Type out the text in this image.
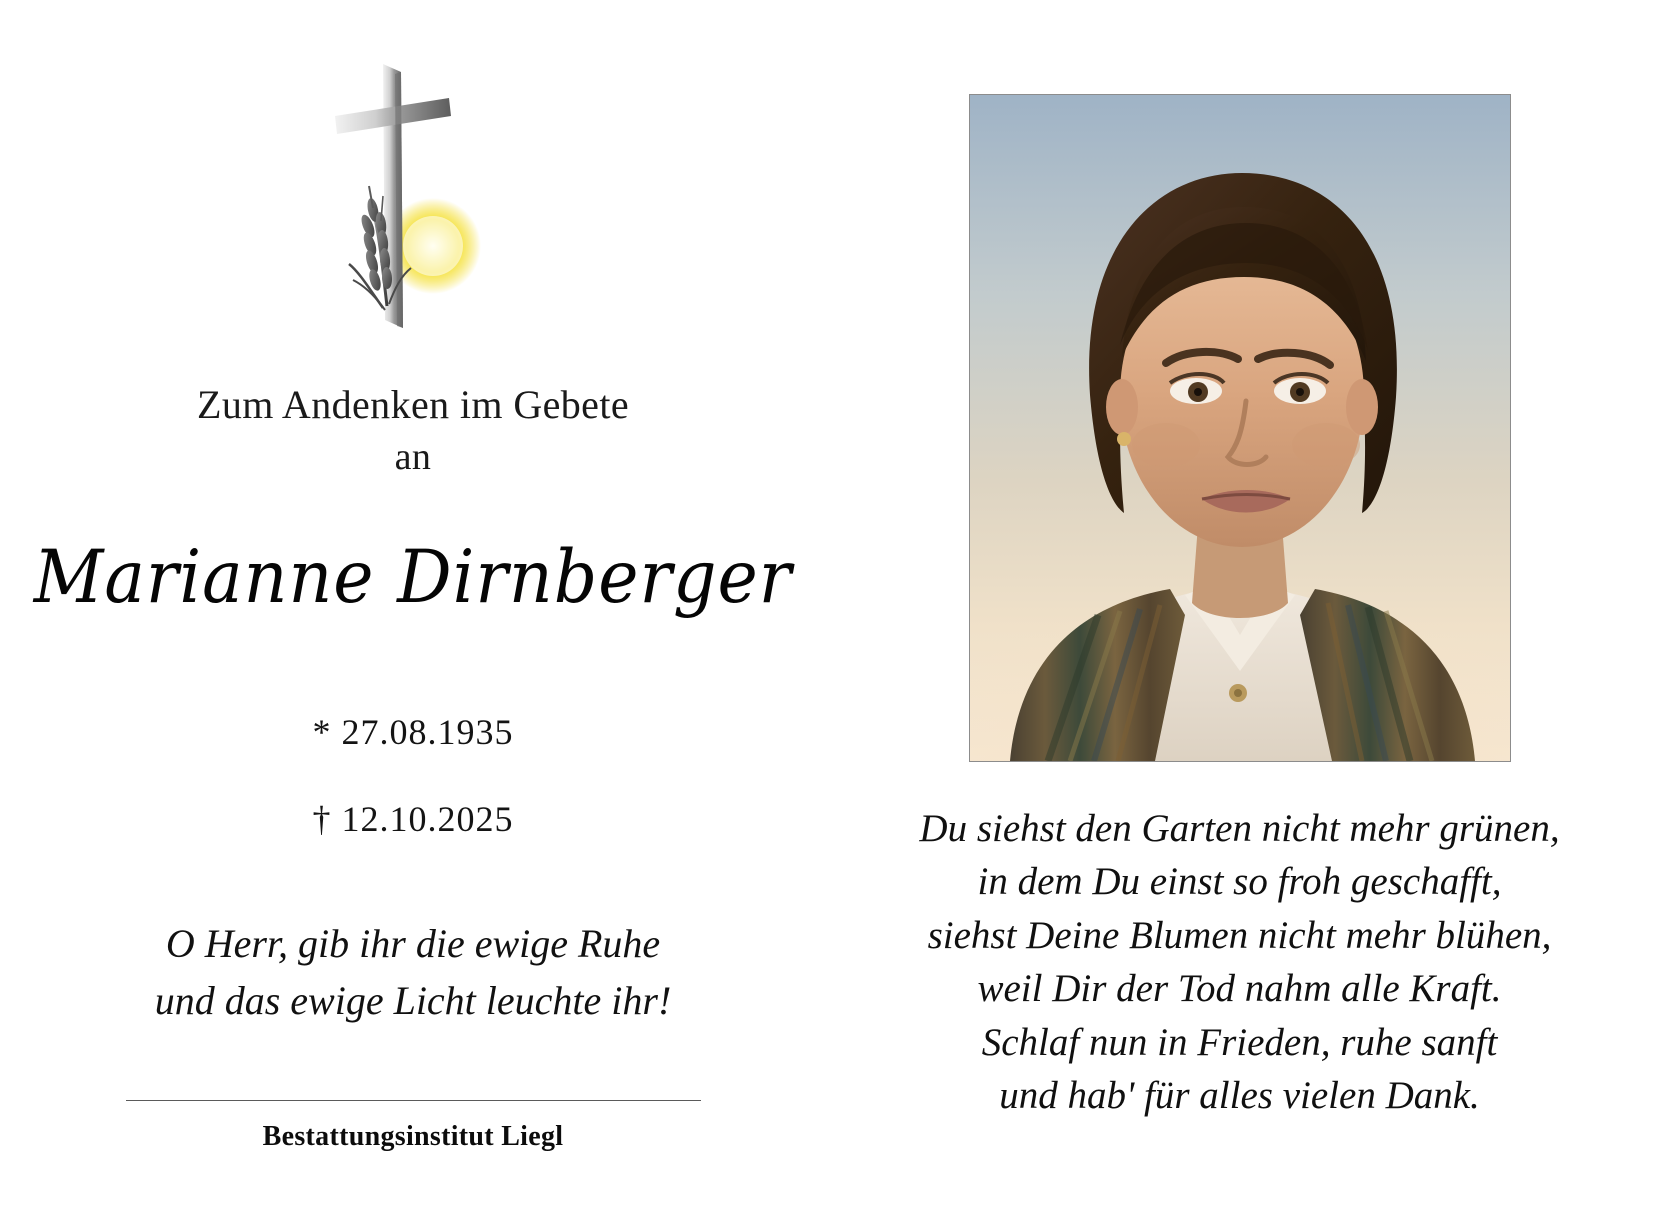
Zum Andenken im Gebete
an
Marianne Dirnberger
* 27.08.1935
† 12.10.2025
O Herr, gib ihr die ewige Ruhe
und das ewige Licht leuchte ihr!
Bestattungsinstitut Liegl
Du siehst den Garten nicht mehr grünen,
in dem Du einst so froh geschafft,
siehst Deine Blumen nicht mehr blühen,
weil Dir der Tod nahm alle Kraft.
Schlaf nun in Frieden, ruhe sanft
und hab' für alles vielen Dank.
